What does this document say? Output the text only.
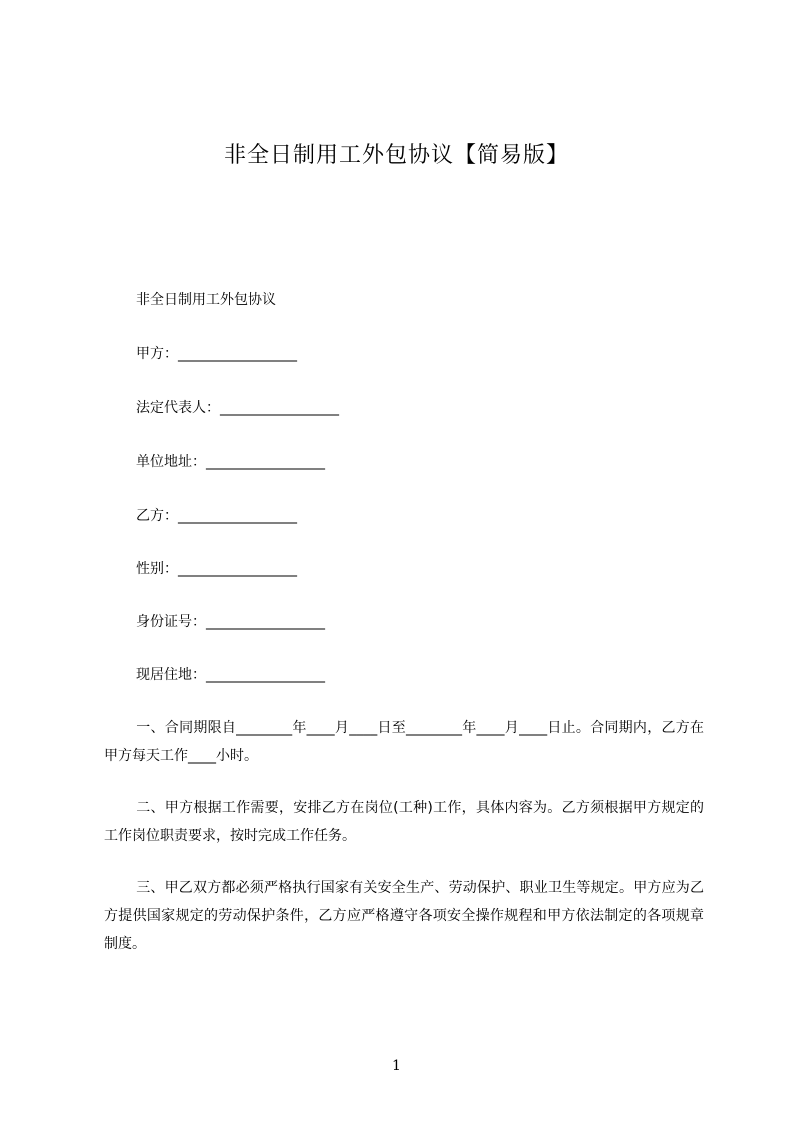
非全日制用工外包协议【简易版】
非全日制用工外包协议
甲方：_________________
法定代表人：_________________
单位地址：_________________
乙方：_________________
性别：_________________
身份证号：_________________
现居住地：_________________
一、合同期限自________年____月____日至________年____月____日止。合同期内，乙方在甲方每天工作____小时。
二、甲方根据工作需要，安排乙方在岗位(工种)工作，具体内容为。乙方须根据甲方规定的工作岗位职责要求，按时完成工作任务。
三、甲乙双方都必须严格执行国家有关安全生产、劳动保护、职业卫生等规定。甲方应为乙方提供国家规定的劳动保护条件，乙方应严格遵守各项安全操作规程和甲方依法制定的各项规章制度。
1
